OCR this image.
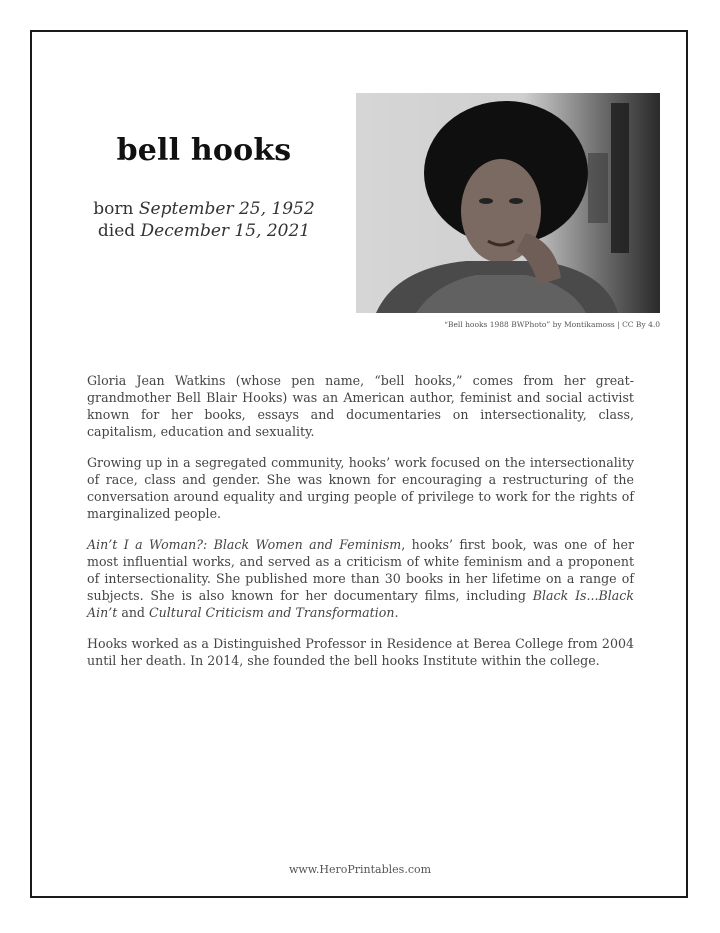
bell hooks
born September 25, 1952
died December 15, 2021
“Bell hooks 1988 BWPhoto” by Montikamoss | CC By 4.0

Gloria Jean Watkins (whose pen name, “bell hooks,” comes from her great-grandmother Bell Blair Hooks) was an American author, feminist and social activist known for her books, essays and documentaries on intersectionality, class, capitalism, education and sexuality.

Growing up in a segregated community, hooks’ work focused on the intersectionality of race, class and gender. She was known for encouraging a restructuring of the conversation around equality and urging people of privilege to work for the rights of marginalized people.

Ain’t I a Woman?: Black Women and Feminism, hooks’ first book, was one of her most influential works, and served as a criticism of white feminism and a proponent of intersectionality. She published more than 30 books in her lifetime on a range of subjects. She is also known for her documentary films, including Black Is...Black Ain’t and Cultural Criticism and Transformation.

Hooks worked as a Distinguished Professor in Residence at Berea College from 2004 until her death. In 2014, she founded the bell hooks Institute within the college.

www.HeroPrintables.com
